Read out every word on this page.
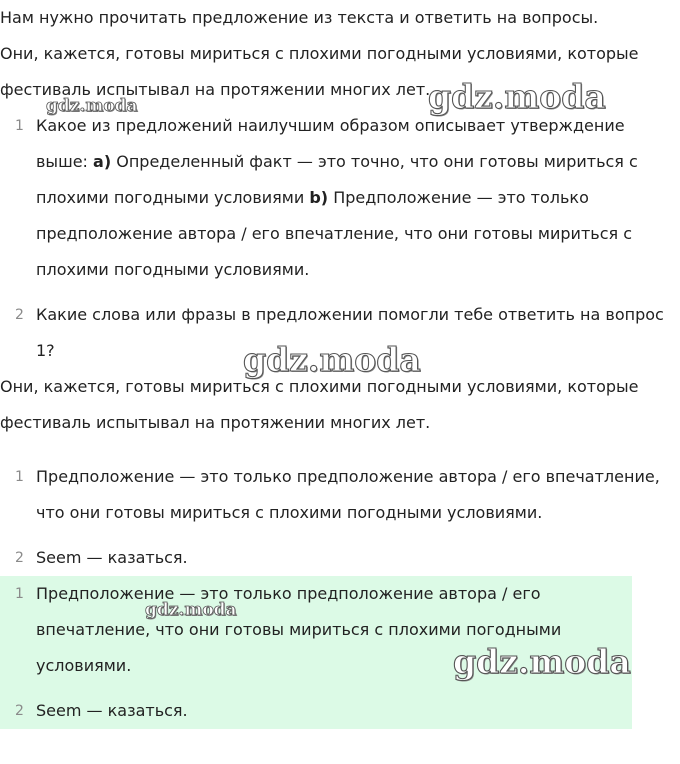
Нам нужно прочитать предложение из текста и ответить на вопросы.

Они, кажется, готовы мириться с плохими погодными условиями, которые

фестиваль испытывал на протяжении многих лет.

1 Какое из предложений наилучшим образом описывает утверждение
выше: a) Определенный факт — это точно, что они готовы мириться с
плохими погодными условиями b) Предположение — это только
предположение автора / его впечатление, что они готовы мириться с
плохими погодными условиями.
2 Какие слова или фразы в предложении помогли тебе ответить на вопрос
1?

Они, кажется, готовы мириться с плохими погодными условиями, которые

фестиваль испытывал на протяжении многих лет.

1 Предположение — это только предположение автора / его впечатление,
что они готовы мириться с плохими погодными условиями.
2 Seem — казаться.
1 Предположение — это только предположение автора / его
впечатление, что они готовы мириться с плохими погодными
условиями.
2 Seem — казаться.
gdz.moda	gdz.moda
gdz.moda
gdz.moda
gdz.moda
